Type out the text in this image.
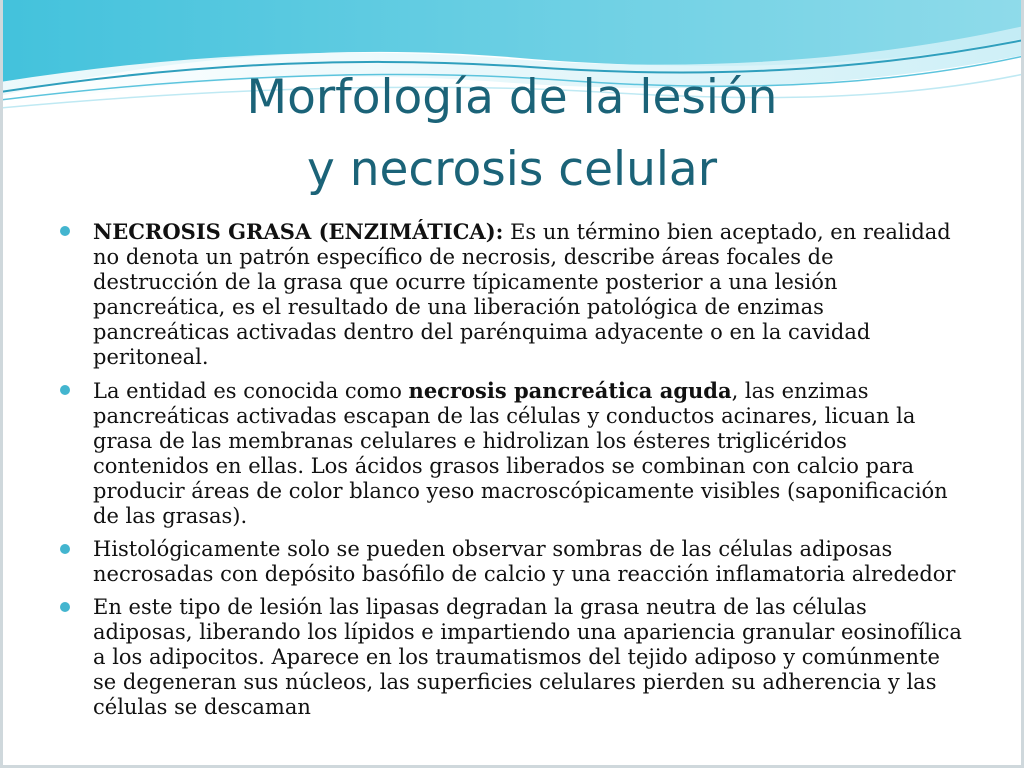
Morfología de la lesión
y necrosis celular
NECROSIS GRASA (ENZIMÁTICA): Es un término bien aceptado, en realidad no denota un patrón específico de necrosis, describe áreas focales de destrucción de la grasa que ocurre típicamente posterior a una lesión pancreática, es el resultado de una liberación patológica de enzimas pancreáticas activadas dentro del parénquima adyacente o en la cavidad peritoneal.
La entidad es conocida como necrosis pancreática aguda, las enzimas pancreáticas activadas escapan de las células y conductos acinares, licuan la grasa de las membranas celulares e hidrolizan los ésteres triglicéridos contenidos en ellas. Los ácidos grasos liberados se combinan con calcio para producir áreas de color blanco yeso macroscópicamente visibles (saponificación de las grasas).
Histológicamente solo se pueden observar sombras de las células adiposas necrosadas con depósito basófilo de calcio y una reacción inflamatoria alrededor
En este tipo de lesión las lipasas degradan la grasa neutra de las células adiposas, liberando los lípidos e impartiendo una apariencia granular eosinofílica a los adipocitos. Aparece en los traumatismos del tejido adiposo y comúnmente se degeneran sus núcleos, las superficies celulares pierden su adherencia y las células se descaman
